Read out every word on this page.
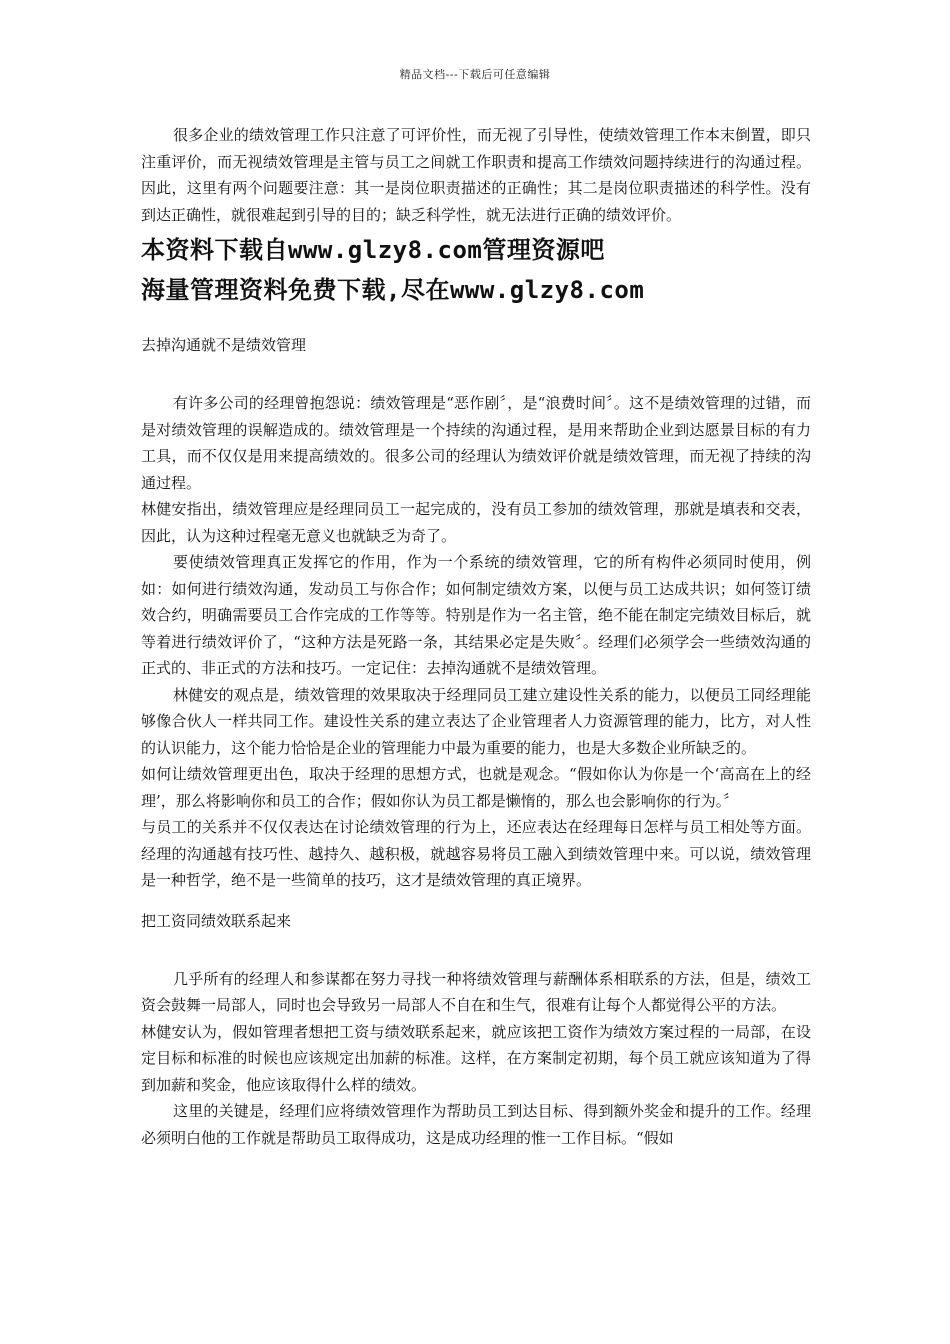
精品文档---下载后可任意编辑

很多企业的绩效管理工作只注意了可评价性，而无视了引导性，使绩效管理工作本末倒置，即只注重评价，而无视绩效管理是主管与员工之间就工作职责和提高工作绩效问题持续进行的沟通过程。因此，这里有两个问题要注意：其一是岗位职责描述的正确性；其二是岗位职责描述的科学性。没有到达正确性，就很难起到引导的目的；缺乏科学性，就无法进行正确的绩效评价。

本资料下载自www.glzy8.com管理资源吧
海量管理资料免费下载,尽在www.glzy8.com

去掉沟通就不是绩效管理

有许多公司的经理曾抱怨说：绩效管理是“恶作剧〞，是“浪费时间〞。这不是绩效管理的过错，而是对绩效管理的误解造成的。绩效管理是一个持续的沟通过程，是用来帮助企业到达愿景目标的有力工具，而不仅仅是用来提高绩效的。很多公司的经理认为绩效评价就是绩效管理，而无视了持续的沟通过程。

林健安指出，绩效管理应是经理同员工一起完成的，没有员工参加的绩效管理，那就是填表和交表，因此，认为这种过程毫无意义也就缺乏为奇了。

要使绩效管理真正发挥它的作用，作为一个系统的绩效管理，它的所有构件必须同时使用，例如：如何进行绩效沟通，发动员工与你合作；如何制定绩效方案，以便与员工达成共识；如何签订绩效合约，明确需要员工合作完成的工作等等。特别是作为一名主管，绝不能在制定完绩效目标后，就等着进行绩效评价了，“这种方法是死路一条，其结果必定是失败〞。经理们必须学会一些绩效沟通的正式的、非正式的方法和技巧。一定记住：去掉沟通就不是绩效管理。

林健安的观点是，绩效管理的效果取决于经理同员工建立建设性关系的能力，以便员工同经理能够像合伙人一样共同工作。建设性关系的建立表达了企业管理者人力资源管理的能力，比方，对人性的认识能力，这个能力恰恰是企业的管理能力中最为重要的能力，也是大多数企业所缺乏的。

如何让绩效管理更出色，取决于经理的思想方式，也就是观念。“假如你认为你是一个‘高高在上的经理’，那么将影响你和员工的合作；假如你认为员工都是懒惰的，那么也会影响你的行为。〞

与员工的关系并不仅仅表达在讨论绩效管理的行为上，还应表达在经理每日怎样与员工相处等方面。经理的沟通越有技巧性、越持久、越积极，就越容易将员工融入到绩效管理中来。可以说，绩效管理是一种哲学，绝不是一些简单的技巧，这才是绩效管理的真正境界。

把工资同绩效联系起来

几乎所有的经理人和参谋都在努力寻找一种将绩效管理与薪酬体系相联系的方法，但是，绩效工资会鼓舞一局部人，同时也会导致另一局部人不自在和生气，很难有让每个人都觉得公平的方法。

林健安认为，假如管理者想把工资与绩效联系起来，就应该把工资作为绩效方案过程的一局部，在设定目标和标准的时候也应该规定出加薪的标准。这样，在方案制定初期，每个员工就应该知道为了得到加薪和奖金，他应该取得什么样的绩效。

这里的关键是，经理们应将绩效管理作为帮助员工到达目标、得到额外奖金和提升的工作。经理必须明白他的工作就是帮助员工取得成功，这是成功经理的惟一工作目标。“假如
